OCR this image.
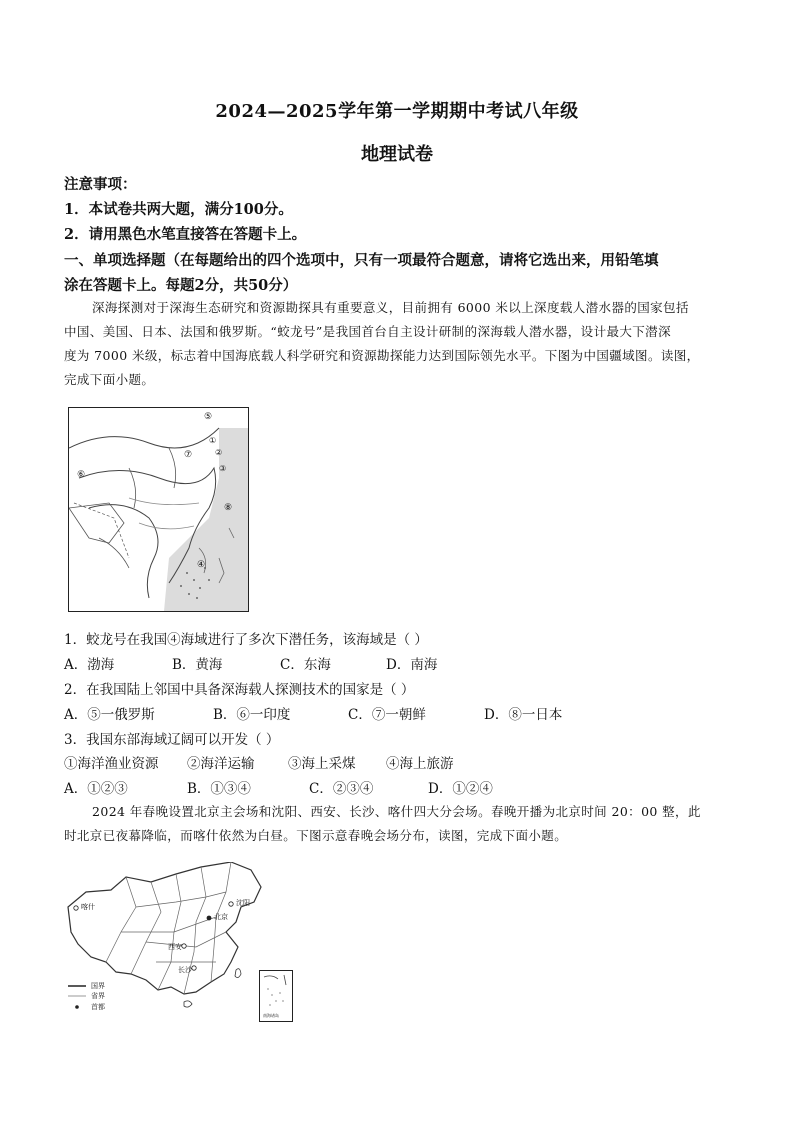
2024—2025学年第一学期期中考试八年级
地理试卷
注意事项：
1．本试卷共两大题，满分100分。
2．请用黑色水笔直接答在答题卡上。
一、单项选择题（在每题给出的四个选项中，只有一项最符合题意，请将它选出来，用铅笔填
涂在答题卡上。每题2分，共50分）
深海探测对于深海生态研究和资源勘探具有重要意义，目前拥有 6000 米以上深度载人潜水器的国家包括
中国、美国、日本、法国和俄罗斯。“蛟龙号”是我国首台自主设计研制的深海载人潜水器，设计最大下潜深
度为 7000 米级，标志着中国海底载人科学研究和资源勘探能力达到国际领先水平。下图为中国疆域图。读图，
完成下面小题。
⑤
⑦
⑥
⑧
①
②
③
④
1．蛟龙号在我国④海域进行了多次下潜任务，该海域是（ ）
A．渤海	B．黄海	C．东海	D．南海
2．在我国陆上邻国中具备深海载人探测技术的国家是（ ）
A．⑤一俄罗斯	B．⑥一印度	C．⑦一朝鲜	D．⑧一日本
3．我国东部海域辽阔可以开发（ ）
①海洋渔业资源 ②海洋运输 ③海上采煤 ④海上旅游
A．①②③	B．①③④	C．②③④	D．①②④
2024 年春晚设置北京主会场和沈阳、西安、长沙、喀什四大分会场。春晚开播为北京时间 20：00 整，此
时北京已夜幕降临，而喀什依然为白昼。下图示意春晚会场分布，读图，完成下面小题。
喀什	沈阳
北京
西安
长沙
国界
省界
首都
南海诸岛
